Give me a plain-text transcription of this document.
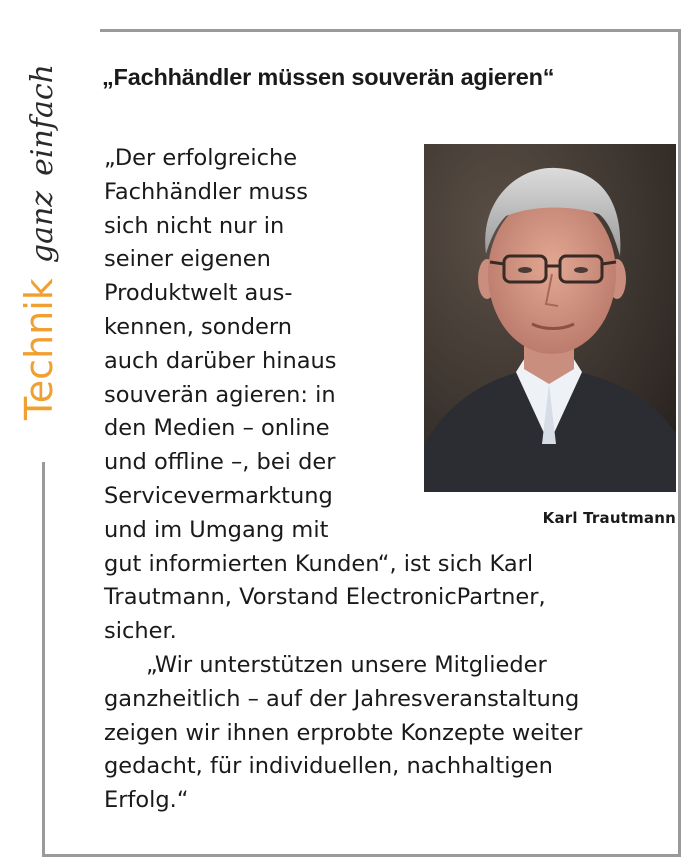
Technik ganz einfach „Fachhändler müssen souverän agieren“
Karl Trautmann

„Der erfolgreiche
Fachhändler muss
sich nicht nur in
seiner eigenen
Produktwelt aus-
kennen, sondern
auch darüber hinaus
souverän agieren: in
den Medien – online
und offline –, bei der
Servicevermarktung
und im Umgang mit
gut informierten Kunden“, ist sich Karl
Trautmann, Vorstand ElectronicPartner,
sicher.

„Wir unterstützen unsere Mitglieder
ganzheitlich – auf der Jahresveranstaltung
zeigen wir ihnen erprobte Konzepte weiter
gedacht, für individuellen, nachhaltigen
Erfolg.“
